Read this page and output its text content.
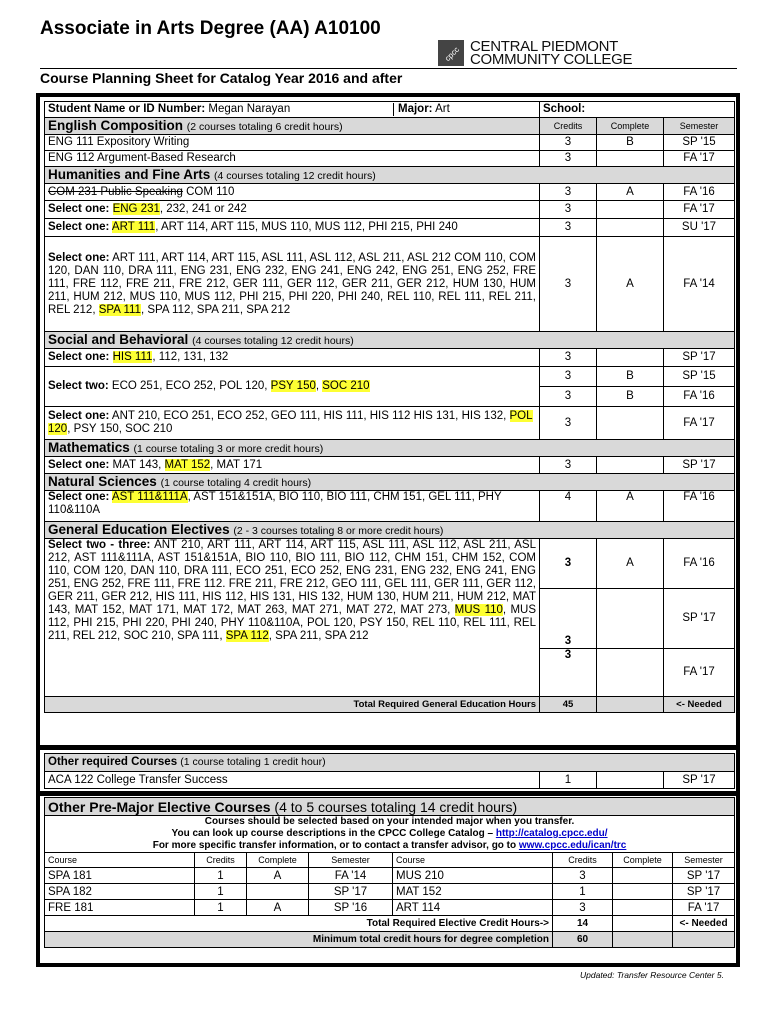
Associate in Arts Degree (AA) A10100
cpcc CENTRAL PIEDMONT
COMMUNITY COLLEGE
Course Planning Sheet for Catalog Year 2016 and after
Student Name or ID Number: Megan Narayan Major: Art	School:		
English Composition (2 courses totaling 6 credit hours)	Credits	Complete	Semester
ENG 111 Expository Writing	3	B	SP '15
ENG 112 Argument-Based Research	3		FA '17
Humanities and Fine Arts (4 courses totaling 12 credit hours)			
COM 231 Public Speaking COM 110	3	A	FA '16
Select one: ENG 231, 232, 241 or 242	3		FA '17
Select one: ART 111, ART 114, ART 115, MUS 110, MUS 112, PHI 215, PHI 240	3		SU '17
Select one: ART 111, ART 114, ART 115, ASL 111, ASL 112, ASL 211, ASL 212 COM 110, COM 120, DAN 110, DRA 111, ENG 231, ENG 232, ENG 241, ENG 242, ENG 251, ENG 252, FRE 111, FRE 112, FRE 211, FRE 212, GER 111, GER 112, GER 211, GER 212, HUM 130, HUM 211, HUM 212, MUS 110, MUS 112, PHI 215, PHI 220, PHI 240, REL 110, REL 111, REL 211, REL 212, SPA 111, SPA 112, SPA 211, SPA 212	3	A	FA '14
Social and Behavioral (4 courses totaling 12 credit hours)			
Select one: HIS 111, 112, 131, 132	3		SP '17
Select two: ECO 251, ECO 252, POL 120, PSY 150, SOC 210	3	B	SP '15
	3	B	FA '16
Select one: ANT 210, ECO 251, ECO 252, GEO 111, HIS 111, HIS 112 HIS 131, HIS 132, POL 120, PSY 150, SOC 210	3		FA '17
Mathematics (1 course totaling 3 or more credit hours)			
Select one: MAT 143, MAT 152, MAT 171	3		SP '17
Natural Sciences (1 course totaling 4 credit hours)			
Select one: AST 111&111A, AST 151&151A, BIO 110, BIO 111, CHM 151, GEL 111, PHY 110&110A	4	A	FA '16
General Education Electives (2 - 3 courses totaling 8 or more credit hours)			
Select two - three: ANT 210, ART 111, ART 114, ART 115, ASL 111, ASL 112, ASL 211, ASL 212, AST 111&111A, AST 151&151A, BIO 110, BIO 111, BIO 112, CHM 151, CHM 152, COM 110, COM 120, DAN 110, DRA 111, ECO 251, ECO 252, ENG 231, ENG 232, ENG 241, ENG 251, ENG 252, FRE 111, FRE 112. FRE 211, FRE 212, GEO 111, GEL 111, GER 111, GER 112, GER 211, GER 212, HIS 111, HIS 112, HIS 131, HIS 132, HUM 130, HUM 211, HUM 212, MAT 143, MAT 152, MAT 171, MAT 172, MAT 263, MAT 271, MAT 272, MAT 273, MUS 110, MUS 112, PHI 215, PHI 220, PHI 240, PHY 110&110A, POL 120, PSY 150, REL 110, REL 111, REL 211, REL 212, SOC 210, SPA 111, SPA 112, SPA 211, SPA 212	3	A	FA '16
	3		SP '17
	3		FA '17
Total Required General Education Hours	45		<- Needed
Other required Courses (1 course totaling 1 credit hour)
ACA 122 College Transfer Success	1		SP '17
Other Pre-Major Elective Courses (4 to 5 courses totaling 14 credit hours)							

Courses should be selected based on your intended major when you transfer.
You can look up course descriptions in the CPCC College Catalog – http://catalog.cpcc.edu/
For more specific transfer information, or to contact a transfer advisor, go to www.cpcc.edu/ican/trc							

Course	Credits	Complete	Semester	Course	Credits	Complete	Semester
SPA 181	1	A	FA '14	MUS 210	3		SP '17
SPA 182	1		SP '17	MAT 152	1		SP '17
FRE 181	1	A	SP '16	ART 114	3		FA '17
Total Required Elective Credit Hours->					14		<- Needed
Minimum total credit hours for degree completion					60		
Updated: Transfer Resource Center 5.
